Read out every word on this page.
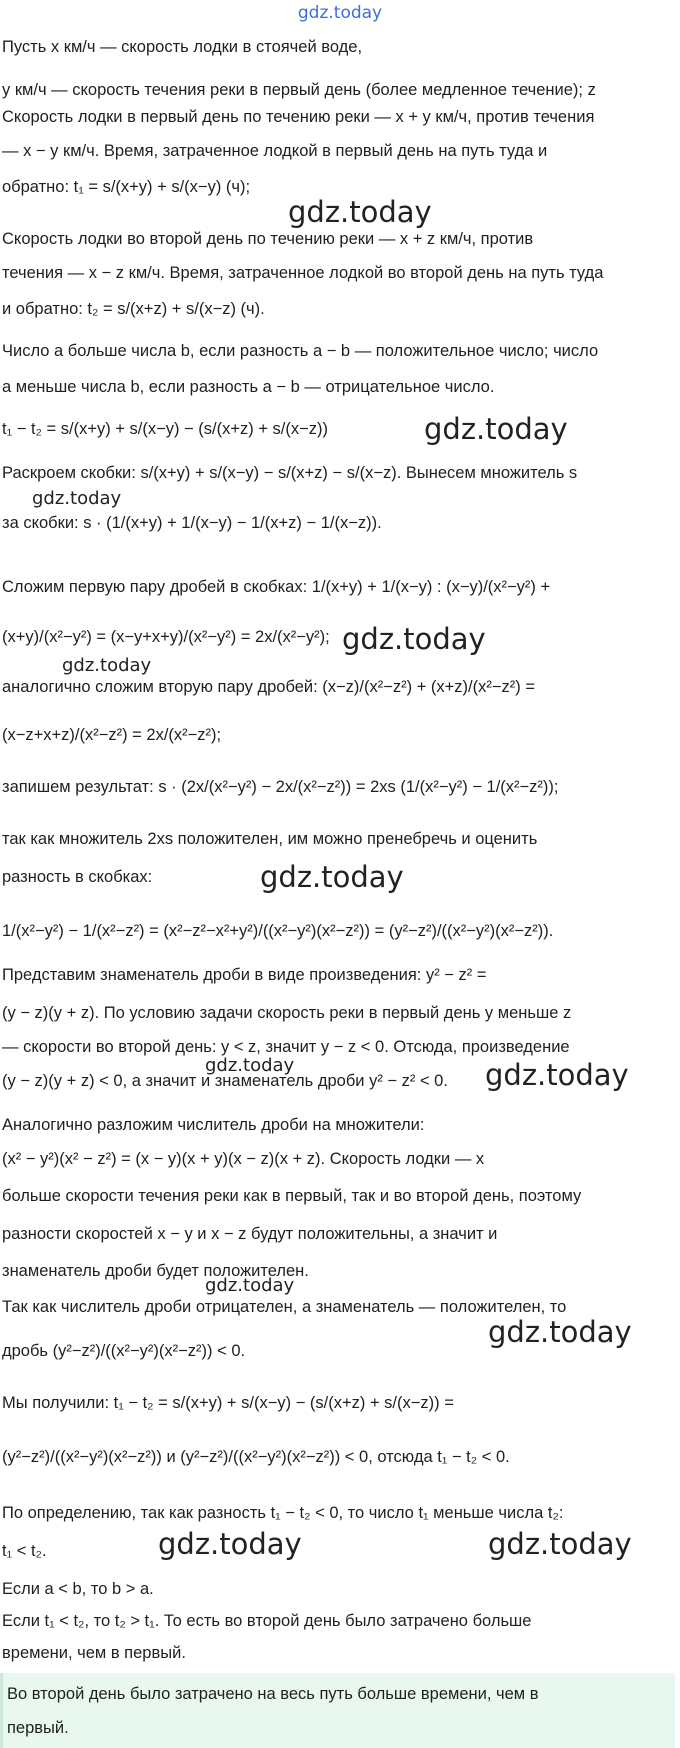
gdz.today
gdz.today
gdz.today
gdz.today
gdz.today
gdz.today
gdz.today
gdz.today	gdz.today
gdz.today
gdz.today
gdz.today	gdz.today
Пусть x км/ч — скорость лодки в стоячей воде,
y км/ч — скорость течения реки в первый день (более медленное течение); z
Скорость лодки в первый день по течению реки — x + y км/ч, против течения
— x − y км/ч. Время, затраченное лодкой в первый день на путь туда и
обратно: t₁ = s/(x+y) + s/(x−y) (ч);
Скорость лодки во второй день по течению реки — x + z км/ч, против
течения — x − z км/ч. Время, затраченное лодкой во второй день на путь туда
и обратно: t₂ = s/(x+z) + s/(x−z) (ч).
Число a больше числа b, если разность a − b — положительное число; число
a меньше числа b, если разность a − b — отрицательное число.
t₁ − t₂ = s/(x+y) + s/(x−y) − (s/(x+z) + s/(x−z))
Раскроем скобки: s/(x+y) + s/(x−y) − s/(x+z) − s/(x−z). Вынесем множитель s
за скобки: s · (1/(x+y) + 1/(x−y) − 1/(x+z) − 1/(x−z)).
Сложим первую пару дробей в скобках: 1/(x+y) + 1/(x−y) : (x−y)/(x²−y²) +
(x+y)/(x²−y²) = (x−y+x+y)/(x²−y²) = 2x/(x²−y²);
аналогично сложим вторую пару дробей: (x−z)/(x²−z²) + (x+z)/(x²−z²) =
(x−z+x+z)/(x²−z²) = 2x/(x²−z²);
запишем результат: s · (2x/(x²−y²) − 2x/(x²−z²)) = 2xs (1/(x²−y²) − 1/(x²−z²));
так как множитель 2xs положителен, им можно пренебречь и оценить
разность в скобках:
1/(x²−y²) − 1/(x²−z²) = (x²−z²−x²+y²)/((x²−y²)(x²−z²)) = (y²−z²)/((x²−y²)(x²−z²)).
Представим знаменатель дроби в виде произведения: y² − z² =
(y − z)(y + z). По условию задачи скорость реки в первый день y меньше z
— скорости во второй день: y < z, значит y − z < 0. Отсюда, произведение
(y − z)(y + z) < 0, а значит и знаменатель дроби y² − z² < 0.
Аналогично разложим числитель дроби на множители:
(x² − y²)(x² − z²) = (x − y)(x + y)(x − z)(x + z). Скорость лодки — x
больше скорости течения реки как в первый, так и во второй день, поэтому
разности скоростей x − y и x − z будут положительны, а значит и
знаменатель дроби будет положителен.
Так как числитель дроби отрицателен, а знаменатель — положителен, то
дробь (y²−z²)/((x²−y²)(x²−z²)) < 0.
Мы получили: t₁ − t₂ = s/(x+y) + s/(x−y) − (s/(x+z) + s/(x−z)) =
(y²−z²)/((x²−y²)(x²−z²)) и (y²−z²)/((x²−y²)(x²−z²)) < 0, отсюда t₁ − t₂ < 0.
По определению, так как разность t₁ − t₂ < 0, то число t₁ меньше числа t₂:
t₁ < t₂.
Если a < b, то b > a.
Если t₁ < t₂, то t₂ > t₁. То есть во второй день было затрачено больше
времени, чем в первый.
Во второй день было затрачено на весь путь больше времени, чем в
первый.
